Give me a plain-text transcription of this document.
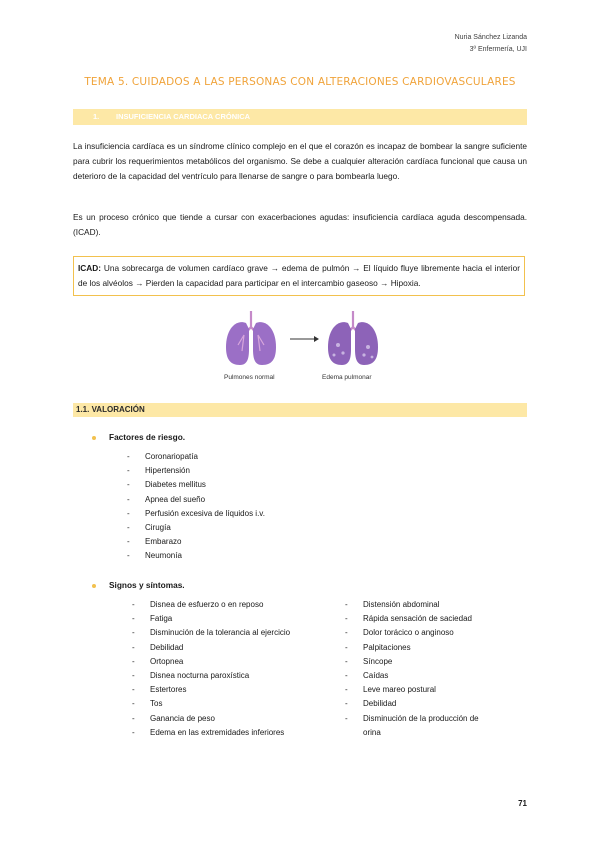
Nuria Sánchez Lizanda
3º Enfermería, UJI
TEMA 5. CUIDADOS A LAS PERSONAS CON ALTERACIONES CARDIOVASCULARES
1. INSUFICIENCIA CARDIACA CRÓNICA

La insuficiencia cardíaca es un síndrome clínico complejo en el que el corazón es incapaz de bombear la sangre suficiente para cubrir los requerimientos metabólicos del organismo. Se debe a cualquier alteración cardíaca funcional que causa un deterioro de la capacidad del ventrículo para llenarse de sangre o para bombearla luego.

Es un proceso crónico que tiende a cursar con exacerbaciones agudas: insuficiencia cardíaca aguda descompensada. (ICAD).

ICAD: Una sobrecarga de volumen cardíaco grave → edema de pulmón → El líquido fluye libremente hacia el interior de los alvéolos → Pierden la capacidad para participar en el intercambio gaseoso → Hipoxia.

Pulmones normal	Edema pulmonar
1.1. VALORACIÓN
Factores de riesgo.
- Coronariopatía
- Hipertensión
- Diabetes mellitus
- Apnea del sueño
- Perfusión excesiva de líquidos i.v.
- Cirugía
- Embarazo
- Neumonía
Signos y síntomas.
- Disnea de esfuerzo o en reposo
- Fatiga
- Disminución de la tolerancia al ejercicio
- Debilidad
- Ortopnea
- Disnea nocturna paroxística
- Estertores
- Tos
- Ganancia de peso
- Edema en las extremidades inferiores
- Distensión abdominal
- Rápida sensación de saciedad
- Dolor torácico o anginoso
- Palpitaciones
- Síncope
- Caídas
- Leve mareo postural
- Debilidad
- Disminución de la producción de
orina
71
